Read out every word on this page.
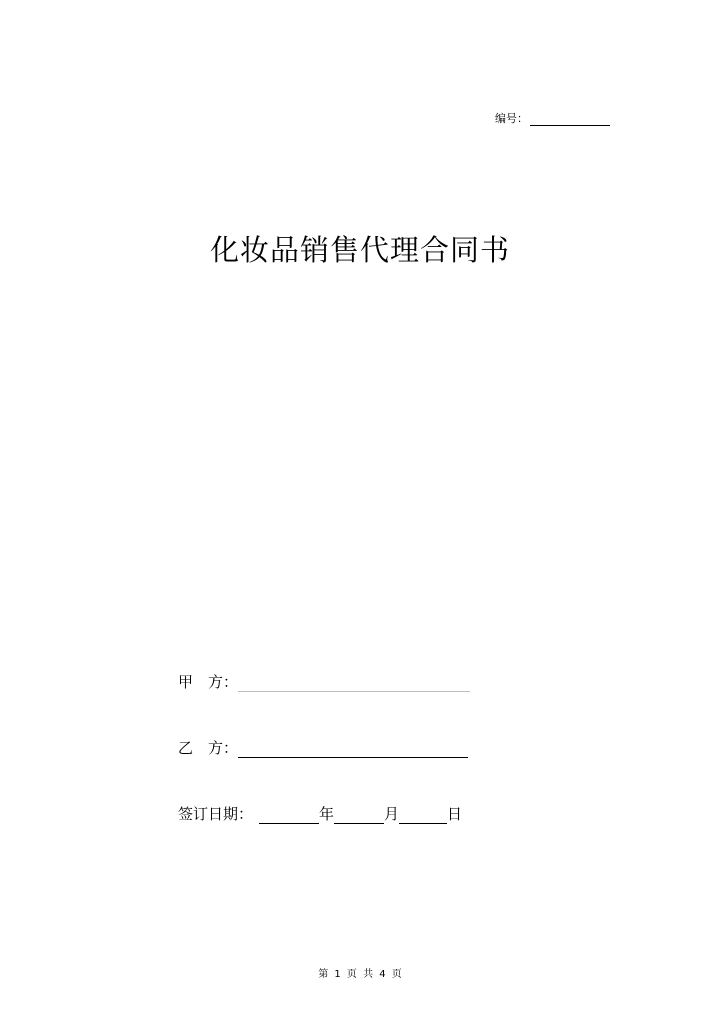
编号：
化妆品销售代理合同书
甲　方：
乙　方：
签订日期：	年	月	日
第 1 页 共 4 页
